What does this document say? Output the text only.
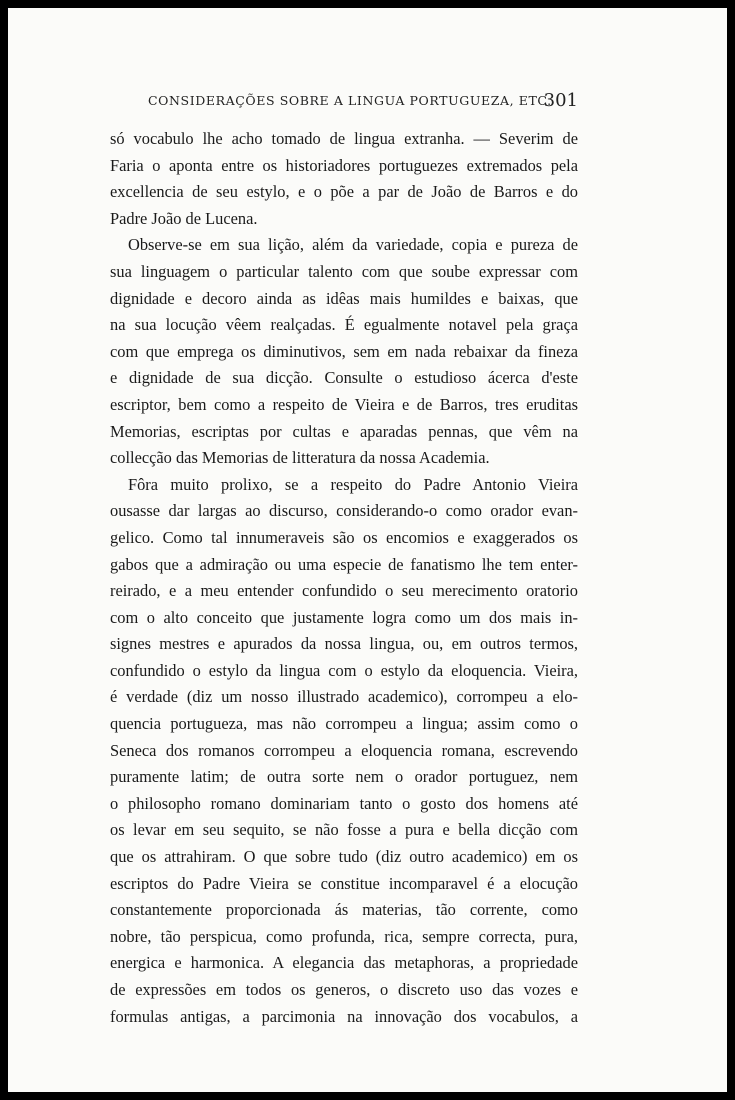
CONSIDERAÇÕES SOBRE A LINGUA PORTUGUEZA, ETC.
301
só vocabulo lhe acho tomado de lingua extranha. — Severim de
Faria o aponta entre os historiadores portuguezes extremados pela
excellencia de seu estylo, e o põe a par de João de Barros e do
Padre João de Lucena.
Observe-se em sua lição, além da variedade, copia e pureza de
sua linguagem o particular talento com que soube expressar com
dignidade e decoro ainda as idêas mais humildes e baixas, que
na sua locução vêem realçadas. É egualmente notavel pela graça
com que emprega os diminutivos, sem em nada rebaixar da fineza
e dignidade de sua dicção. Consulte o estudioso ácerca d'este
escriptor, bem como a respeito de Vieira e de Barros, tres eruditas
Memorias, escriptas por cultas e aparadas pennas, que vêm na
collecção das Memorias de litteratura da nossa Academia.
Fôra muito prolixo, se a respeito do Padre Antonio Vieira
ousasse dar largas ao discurso, considerando-o como orador evan-
gelico. Como tal innumeraveis são os encomios e exaggerados os
gabos que a admiração ou uma especie de fanatismo lhe tem enter-
reirado, e a meu entender confundido o seu merecimento oratorio
com o alto conceito que justamente logra como um dos mais in-
signes mestres e apurados da nossa lingua, ou, em outros termos,
confundido o estylo da lingua com o estylo da eloquencia. Vieira,
é verdade (diz um nosso illustrado academico), corrompeu a elo-
quencia portugueza, mas não corrompeu a lingua; assim como o
Seneca dos romanos corrompeu a eloquencia romana, escrevendo
puramente latim; de outra sorte nem o orador portuguez, nem
o philosopho romano dominariam tanto o gosto dos homens até
os levar em seu sequito, se não fosse a pura e bella dicção com
que os attrahiram. O que sobre tudo (diz outro academico) em os
escriptos do Padre Vieira se constitue incomparavel é a elocução
constantemente proporcionada ás materias, tão corrente, como
nobre, tão perspicua, como profunda, rica, sempre correcta, pura,
energica e harmonica. A elegancia das metaphoras, a propriedade
de expressões em todos os generos, o discreto uso das vozes e
formulas antigas, a parcimonia na innovação dos vocabulos, a
